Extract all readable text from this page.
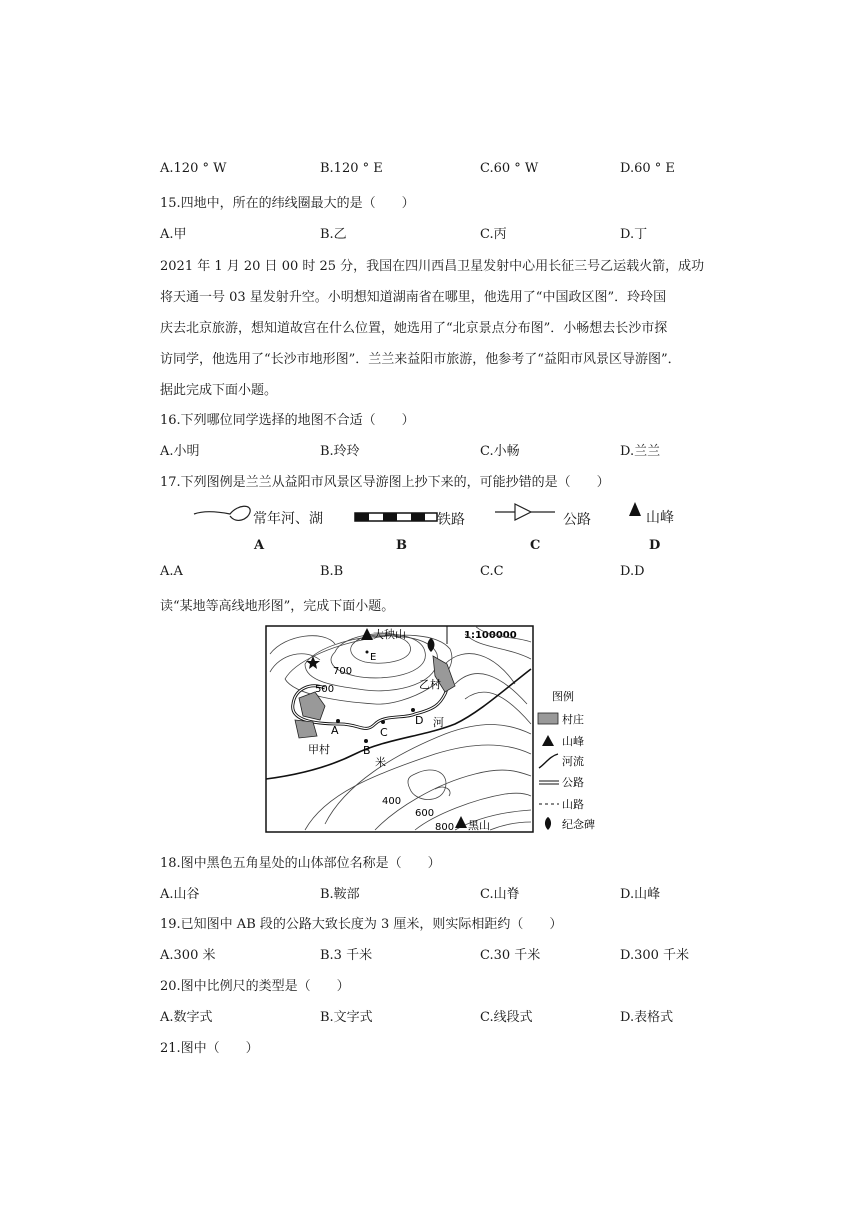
A.120 ° W	B.120 ° E	C.60 ° W	D.60 ° E
15.四地中，所在的纬线圈最大的是（　　）
A.甲	B.乙	C.丙	D.丁
2021 年 1 月 20 日 00 时 25 分，我国在四川西昌卫星发射中心用长征三号乙运载火箭，成功
将天通一号 03 星发射升空。小明想知道湖南省在哪里，他选用了“中国政区图”．玲玲国
庆去北京旅游，想知道故宫在什么位置，她选用了“北京景点分布图”．小畅想去长沙市探
访同学，他选用了“长沙市地形图”．兰兰来益阳市旅游，他参考了“益阳市风景区导游图”．
据此完成下面小题。
16.下列哪位同学选择的地图不合适（　　）
A.小明	B.玲玲	C.小畅	D.兰兰
17.下列图例是兰兰从益阳市风景区导游图上抄下来的，可能抄错的是（　　）
常年河、湖	铁路	公路	山峰
A	B	C	D
A.A	B.B	C.C	D.D
读“某地等高线地形图”，完成下面小题。
1:100000
大秧山
黑山
甲村
乙村
A
B
C
D
E
河
米
700
500
400
600
800
图例
村庄
山峰
河流
公路
山路
纪念碑
18.图中黑色五角星处的山体部位名称是（　　）
A.山谷	B.鞍部	C.山脊	D.山峰
19.已知图中 AB 段的公路大致长度为 3 厘米，则实际相距约（　　）
A.300 米	B.3 千米	C.30 千米	D.300 千米
20.图中比例尺的类型是（　　）
A.数字式	B.文字式	C.线段式	D.表格式
21.图中（　　）
